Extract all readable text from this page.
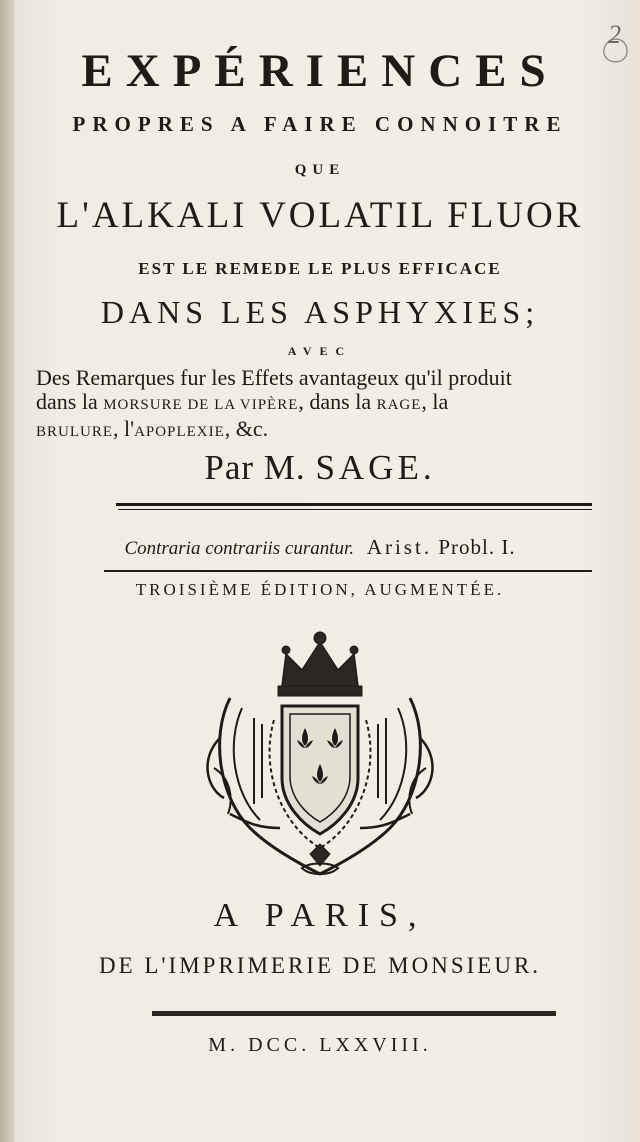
2
EXPÉRIENCES
PROPRES A FAIRE CONNOITRE
QUE
L'ALKALI VOLATIL FLUOR
EST LE REMEDE LE PLUS EFFICACE
DANS LES ASPHYXIES;
AVEC
Des Remarques fur les Effets avantageux qu'il produit
dans la MORSURE DE LA VIPÈRE, dans la RAGE, la
BRULURE, l'APOPLEXIE, &c.
Par M. SAGE.
Contraria contrariis curantur. Arist. Probl. I.
TROISIÈME ÉDITION, AUGMENTÉE.
A PARIS,
DE L'IMPRIMERIE DE MONSIEUR.
M. DCC. LXXVIII.
